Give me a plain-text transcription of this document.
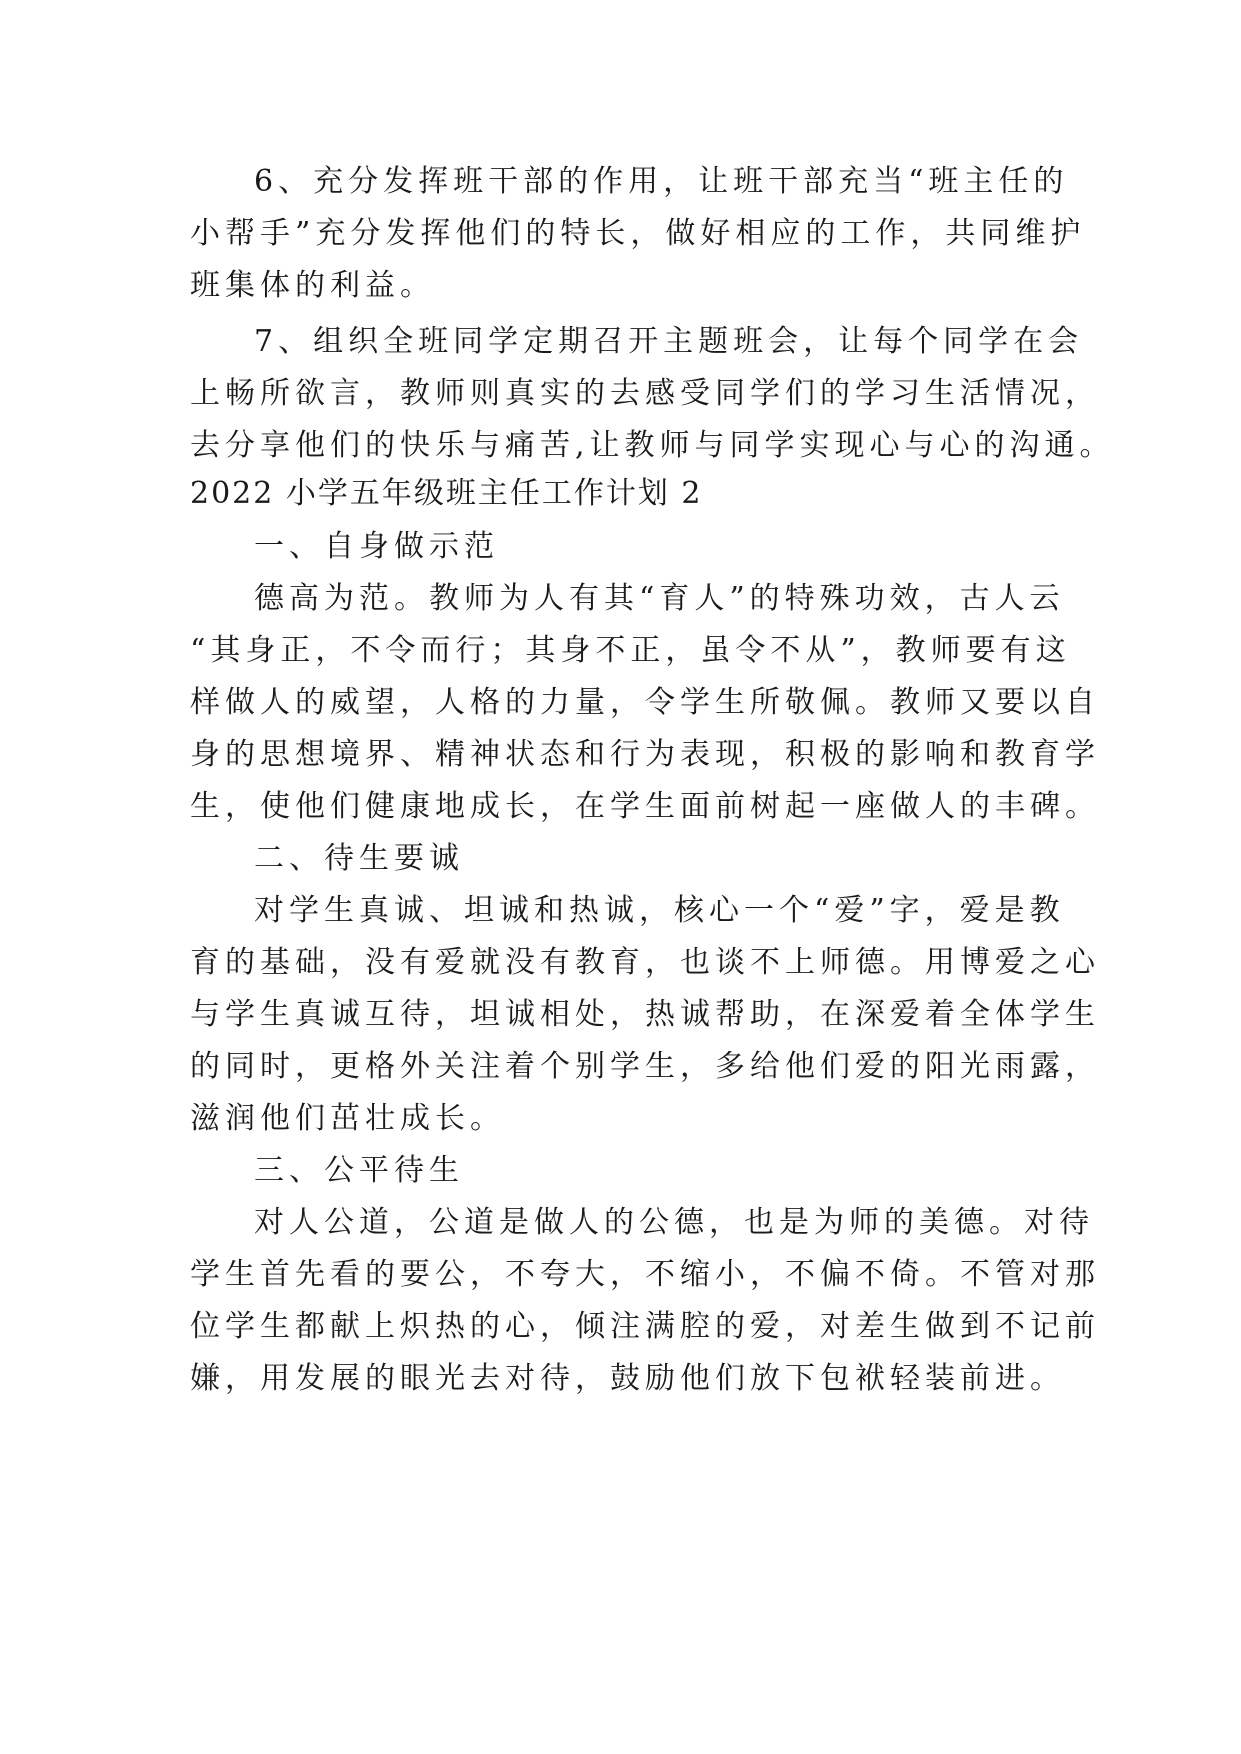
6、充分发挥班干部的作用，让班干部充当“班主任的
小帮手”充分发挥他们的特长，做好相应的工作，共同维护
班集体的利益。
7、组织全班同学定期召开主题班会，让每个同学在会
上畅所欲言，教师则真实的去感受同学们的学习生活情况，
去分享他们的快乐与痛苦,让教师与同学实现心与心的沟通。
2022 小学五年级班主任工作计划 2
一、自身做示范
德高为范。教师为人有其“育人”的特殊功效，古人云
“其身正，不令而行；其身不正，虽令不从”，教师要有这
样做人的威望，人格的力量，令学生所敬佩。教师又要以自
身的思想境界、精神状态和行为表现，积极的影响和教育学
生，使他们健康地成长，在学生面前树起一座做人的丰碑。
二、待生要诚
对学生真诚、坦诚和热诚，核心一个“爱”字，爱是教
育的基础，没有爱就没有教育，也谈不上师德。用博爱之心
与学生真诚互待，坦诚相处，热诚帮助，在深爱着全体学生
的同时，更格外关注着个别学生，多给他们爱的阳光雨露，
滋润他们茁壮成长。
三、公平待生
对人公道，公道是做人的公德，也是为师的美德。对待
学生首先看的要公，不夸大，不缩小，不偏不倚。不管对那
位学生都献上炽热的心，倾注满腔的爱，对差生做到不记前
嫌，用发展的眼光去对待，鼓励他们放下包袱轻装前进。
